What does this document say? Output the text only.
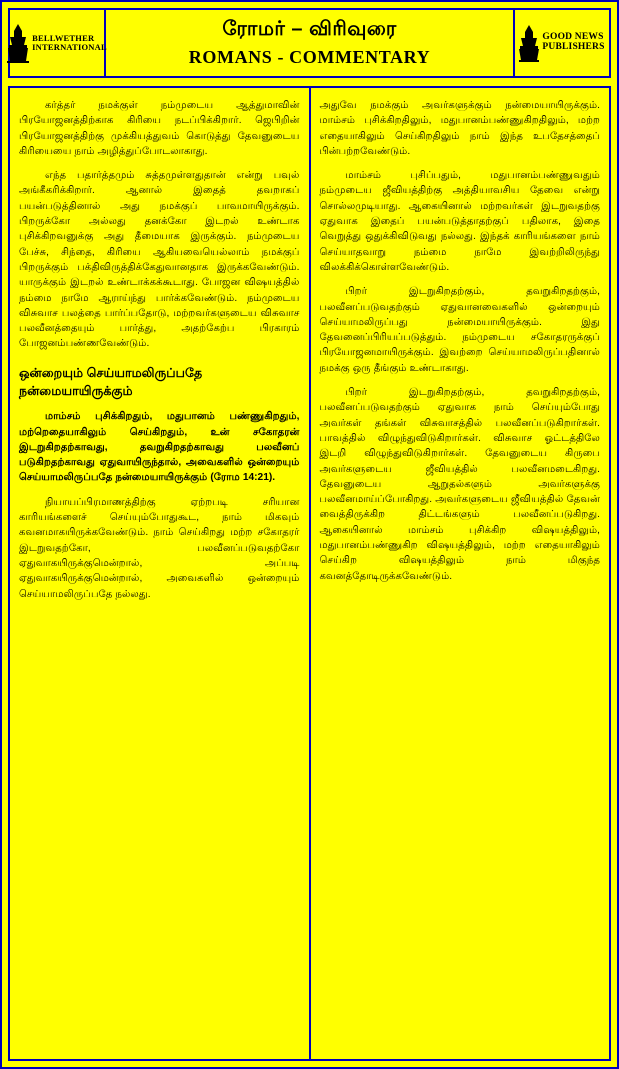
BELLWETHER
INTERNATIONAL
ரோமர் – விரிவுரை
ROMANS - COMMENTARY
GOOD NEWS
PUBLISHERS

கர்த்தர் நமக்குள் நம்முடைய ஆத்துமாவின் பிரயோஜனத்திற்காக கிரியை நடப்பிக்கிறார். ஜெபிறின் பிரயோஜனத்திற்கு முக்கியத்துவம் கொடுத்து தேவனுடைய கிரியையை நாம் அழித்துப்போடலாகாது.

எந்த பதார்த்தமும் சுத்தமுள்ளதுதான் என்று பவுல் அங்கீகரிக்கிறார். ஆனால் இதைத் தவறாகப் பயன்படுத்தினால் அது நமக்குப் பாவமாயிருக்கும். பிறருக்கோ அல்லது தனக்கோ இடறல் உண்டாக புசிக்கிறவனுக்கு அது தீமையாக இருக்கும். நம்முடைய பேச்சு, சிந்தை, கிரியை ஆகியவையெல்லாம் நமக்குப் பிறருக்கும் பக்திவிருத்திக்கேதுவானதாக இருக்கவேண்டும். யாருக்கும் இடறல் உண்டாக்கக்கூடாது. போஜன விஷயத்தில் நம்மை நாமே ஆராய்ந்து பார்க்கவேண்டும். நம்முடைய விசுவாச பலத்தை பார்ப்பதோடு, மற்றவர்களுடைய விசுவாச பலவீனத்தையும் பார்த்து, அதற்கேற்ப பிரகாரம் போஜனம்பண்ணவேண்டும்.

ஒன்றையும் செய்யாமலிருப்பதே நன்மையாயிருக்கும்

மாம்சம் புசிக்கிறதும், மதுபானம் பண்ணுகிறதும், மற்றெதையாகிலும் செய்கிறதும், உன் சகோதரன் இடறுகிறதற்காவது, தவறுகிறதற்காவது பலவீனப் படுகிறதற்காவது ஏதுவாயிருந்தால், அவைகளில் ஒன்றையும் செய்யாமலிருப்பதே நன்மையாயிருக்கும் (ரோம 14:21).

நியாயப்பிரமாணத்திற்கு ஏற்றபடி சரியான காரியங்களைச் செய்யும்போதுகூட, நாம் மிகவும் கவனமாகயிருக்கவேண்டும். நாம் செய்கிறது மற்ற சகோதரர் இடறுவதற்கோ, பலவீனப்படுவதற்கோ ஏதுவாகயிருக்குமென்றால், அப்படி ஏதுவாகயிருக்குமென்றால், அவைகளில் ஒன்றையும் செய்யாமலிருப்பதே நல்லது.

அதுவே நமக்கும் அவர்களுக்கும் நன்மையாயிருக்கும். மாம்சம் புசிக்கிறதிலும், மதுபானம்பண்ணுகிறதிலும், மற்ற எதையாகிலும் செய்கிறதிலும் நாம் இந்த உபதேசத்தைப் பின்பற்றவேண்டும்.

மாம்சம் புசிப்பதும், மதுபானம்பண்ணுவதும் நம்முடைய ஜீவியத்திற்கு அத்தியாவசிய தேவை என்று சொல்லமுடியாது. ஆகையினால் மற்றவர்கள் இடறுவதற்கு ஏதுவாக இதைப் பயன்படுத்தாதற்குப் பதிலாக, இதை வெறுத்து ஒதுக்கிவிடுவது நல்லது. இந்தக் காரியங்களை நாம் செய்யாதவாறு நம்மை நாமே இவற்றிலிருந்து விலக்கிக்கொள்ளவேண்டும்.

பிறர் இடறுகிறதற்கும், தவறுகிறதற்கும், பலவீனப்படுவதற்கும் ஏதுவானவைகளில் ஒன்றையும் செய்யாமலிருப்பது நன்மையாயிருக்கும். இது தேவனைப்பிரியப்படுத்தும். நம்முடைய சகோதரருக்குப் பிரயோஜனமாயிருக்கும். இவற்றை செய்யாமலிருப்பதினால் நமக்கு ஒரு தீங்கும் உண்டாகாது.

பிறர் இடறுகிறதற்கும், தவறுகிறதற்கும், பலவீனப்படுவதற்கும் ஏதுவாக நாம் செய்யும்போது அவர்கள் தங்கள் விசுவாசத்தில் பலவீனப்படுகிறார்கள். பாவத்தில் விழுந்துவிடுகிறார்கள். விசுவாச ஓட்டத்திலே இடறி விழுந்துவிடுகிறார்கள். தேவனுடைய கிருபை அவர்களுடைய ஜீவியத்தில் பலவீனமடைகிறது. தேவனுடைய ஆறுதல்களும் அவர்களுக்கு பலவீனமாய்ப்போகிறது. அவர்களுடைய ஜீவியத்தில் தேவன் வைத்திருக்கிற திட்டங்களும் பலவீனப்படுகிறது. ஆகையினால் மாம்சம் புசிக்கிற விஷயத்திலும், மதுபானம்பண்ணுகிற விஷயத்திலும், மற்ற எதையாகிலும் செய்கிற விஷயத்திலும் நாம் மிகுந்த கவனத்தோடிருக்கவேண்டும்.
